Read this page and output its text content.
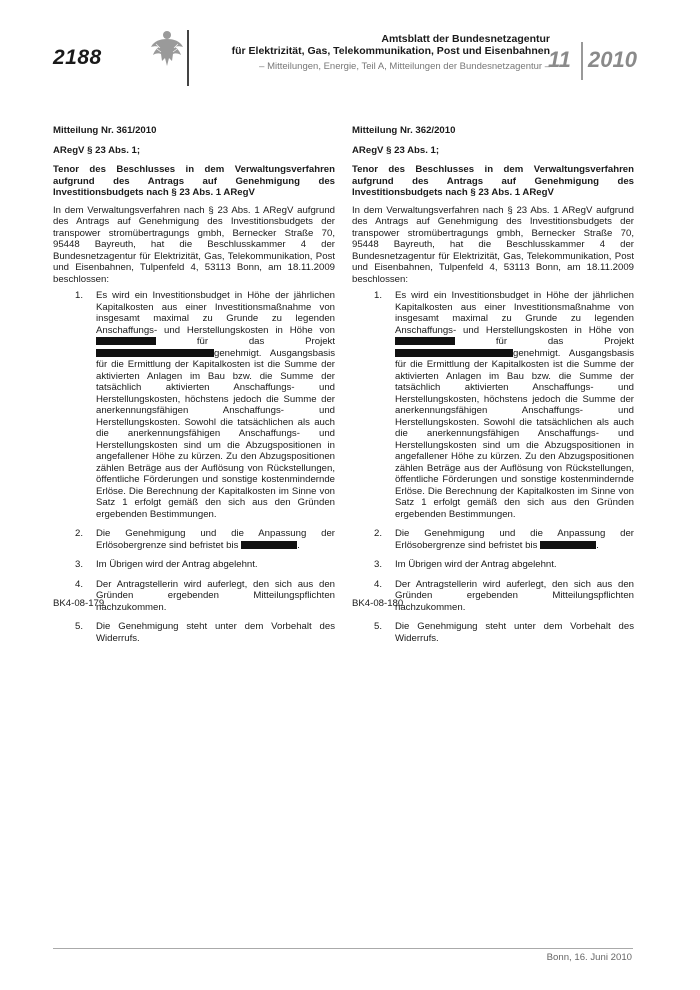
2188
Amtsblatt der Bundesnetzagentur
für Elektrizität, Gas, Telekommunikation, Post und Eisenbahnen
– Mitteilungen, Energie, Teil A, Mitteilungen der Bundesnetzagentur –
11 2010

Mitteilung Nr. 361/2010

ARegV § 23 Abs. 1;

Tenor des Beschlusses in dem Verwaltungsverfahren aufgrund des Antrags auf Genehmigung des Investitionsbudgets nach § 23 Abs. 1 ARegV

In dem Verwaltungsverfahren nach § 23 Abs. 1 ARegV aufgrund des Antrags auf Genehmigung des Investitionsbudgets der transpower stromübertragungs gmbh, Bernecker Straße 70, 95448 Bayreuth, hat die Beschlusskammer 4 der Bundesnetzagentur für Elektrizität, Gas, Telekommunikation, Post und Eisenbahnen, Tulpenfeld 4, 53113 Bonn, am 18.11.2009 beschlossen:

1. Es wird ein Investitionsbudget in Höhe der jährlichen Kapitalkosten aus einer Investitionsmaßnahme von insgesamt maximal zu Grunde zu legenden Anschaffungs- und Herstellungskosten in Höhe von  für das Projekt genehmigt. Ausgangsbasis für die Ermittlung der Kapitalkosten ist die Summe der aktivierten Anlagen im Bau bzw. die Summe der tatsächlich aktivierten Anschaffungs- und Herstellungskosten, höchstens jedoch die Summe der anerkennungsfähigen Anschaffungs- und Herstellungskosten. Sowohl die tatsächlichen als auch die anerkennungsfähigen Anschaffungs- und Herstellungskosten sind um die Abzugspositionen in angefallener Höhe zu kürzen. Zu den Abzugspositionen zählen Beträge aus der Auflösung von Rückstellungen, öffentliche Förderungen und sonstige kostenmindernde Erlöse. Die Berechnung der Kapitalkosten im Sinne von Satz 1 erfolgt gemäß den sich aus den Gründen ergebenden Bestimmungen.
2. Die Genehmigung und die Anpassung der Erlösobergrenze sind befristet bis	.
3. Im Übrigen wird der Antrag abgelehnt.
4. Der Antragstellerin wird auferlegt, den sich aus den Gründen ergebenden Mitteilungspflichten nachzukommen.
5. Die Genehmigung steht unter dem Vorbehalt des Widerrufs.
BK4-08-179

Mitteilung Nr. 362/2010

ARegV § 23 Abs. 1;

Tenor des Beschlusses in dem Verwaltungsverfahren aufgrund des Antrags auf Genehmigung des Investitionsbudgets nach § 23 Abs. 1 ARegV

In dem Verwaltungsverfahren nach § 23 Abs. 1 ARegV aufgrund des Antrags auf Genehmigung des Investitionsbudgets der transpower stromübertragungs gmbh, Bernecker Straße 70, 95448 Bayreuth, hat die Beschlusskammer 4 der Bundesnetzagentur für Elektrizität, Gas, Telekommunikation, Post und Eisenbahnen, Tulpenfeld 4, 53113 Bonn, am 18.11.2009 beschlossen:

1. Es wird ein Investitionsbudget in Höhe der jährlichen Kapitalkosten aus einer Investitionsmaßnahme von insgesamt maximal zu Grunde zu legenden Anschaffungs- und Herstellungskosten in Höhe von  für das Projekt genehmigt. Ausgangsbasis für die Ermittlung der Kapitalkosten ist die Summe der aktivierten Anlagen im Bau bzw. die Summe der tatsächlich aktivierten Anschaffungs- und Herstellungskosten, höchstens jedoch die Summe der anerkennungsfähigen Anschaffungs- und Herstellungskosten. Sowohl die tatsächlichen als auch die anerkennungsfähigen Anschaffungs- und Herstellungskosten sind um die Abzugspositionen in angefallener Höhe zu kürzen. Zu den Abzugspositionen zählen Beträge aus der Auflösung von Rückstellungen, öffentliche Förderungen und sonstige kostenmindernde Erlöse. Die Berechnung der Kapitalkosten im Sinne von Satz 1 erfolgt gemäß den sich aus den Gründen ergebenden Bestimmungen.
2. Die Genehmigung und die Anpassung der Erlösobergrenze sind befristet bis	.
3. Im Übrigen wird der Antrag abgelehnt.
4. Der Antragstellerin wird auferlegt, den sich aus den Gründen ergebenden Mitteilungspflichten nachzukommen.
5. Die Genehmigung steht unter dem Vorbehalt des Widerrufs.
BK4-08-180
Bonn, 16. Juni 2010
